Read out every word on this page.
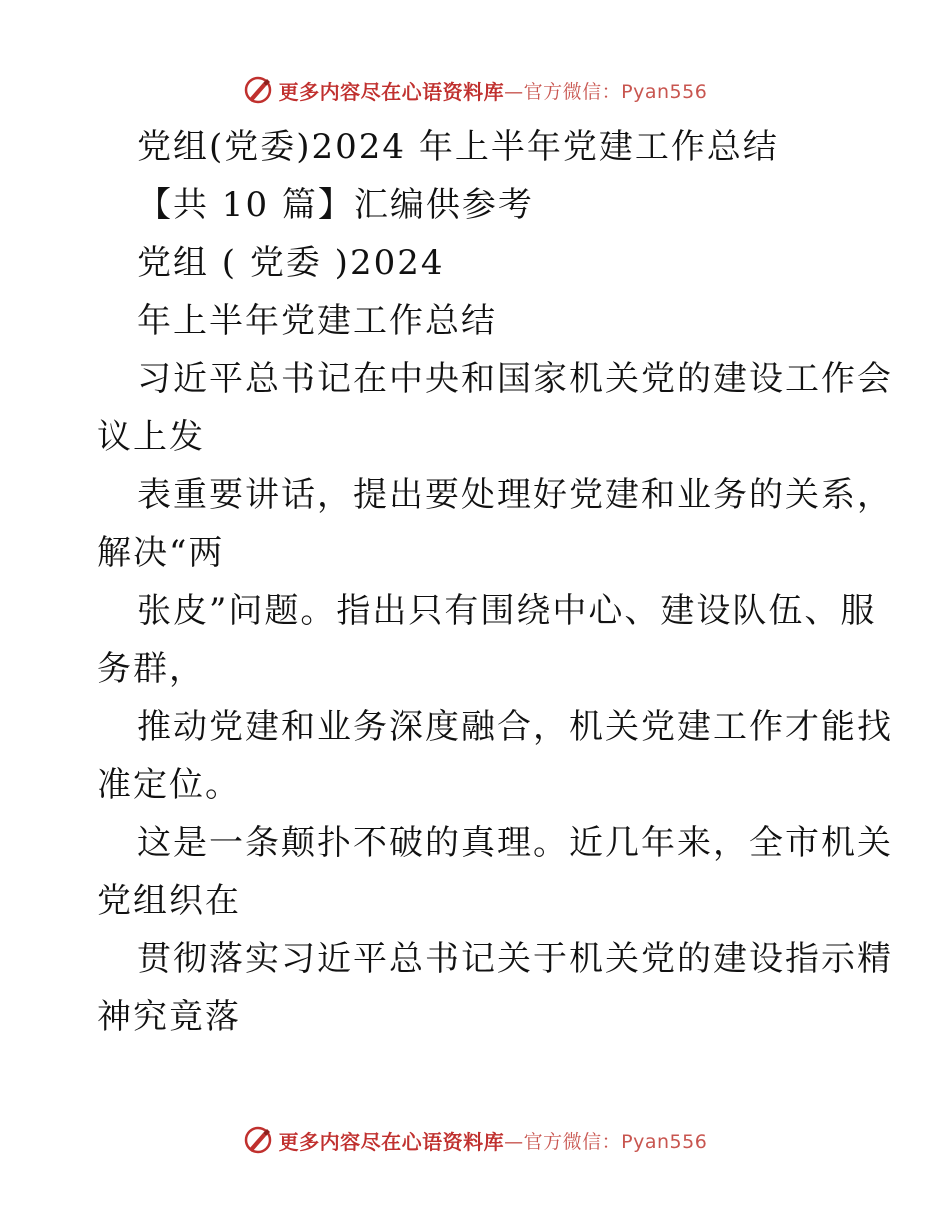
更多内容尽在心语资料库 —官方微信：Pyan556
党组(党委)2024 年上半年党建工作总结
【共 10 篇】汇编供参考
党组 ( 党委 )2024
年上半年党建工作总结
习近平总书记在中央和国家机关党的建设工作会
议上发
表重要讲话，提出要处理好党建和业务的关系，
解决“两
张皮”问题。指出只有围绕中心、建设队伍、服
务群，
推动党建和业务深度融合，机关党建工作才能找
准定位。
这是一条颠扑不破的真理。近几年来，全市机关
党组织在
贯彻落实习近平总书记关于机关党的建设指示精
神究竟落
更多内容尽在心语资料库 —官方微信：Pyan556
